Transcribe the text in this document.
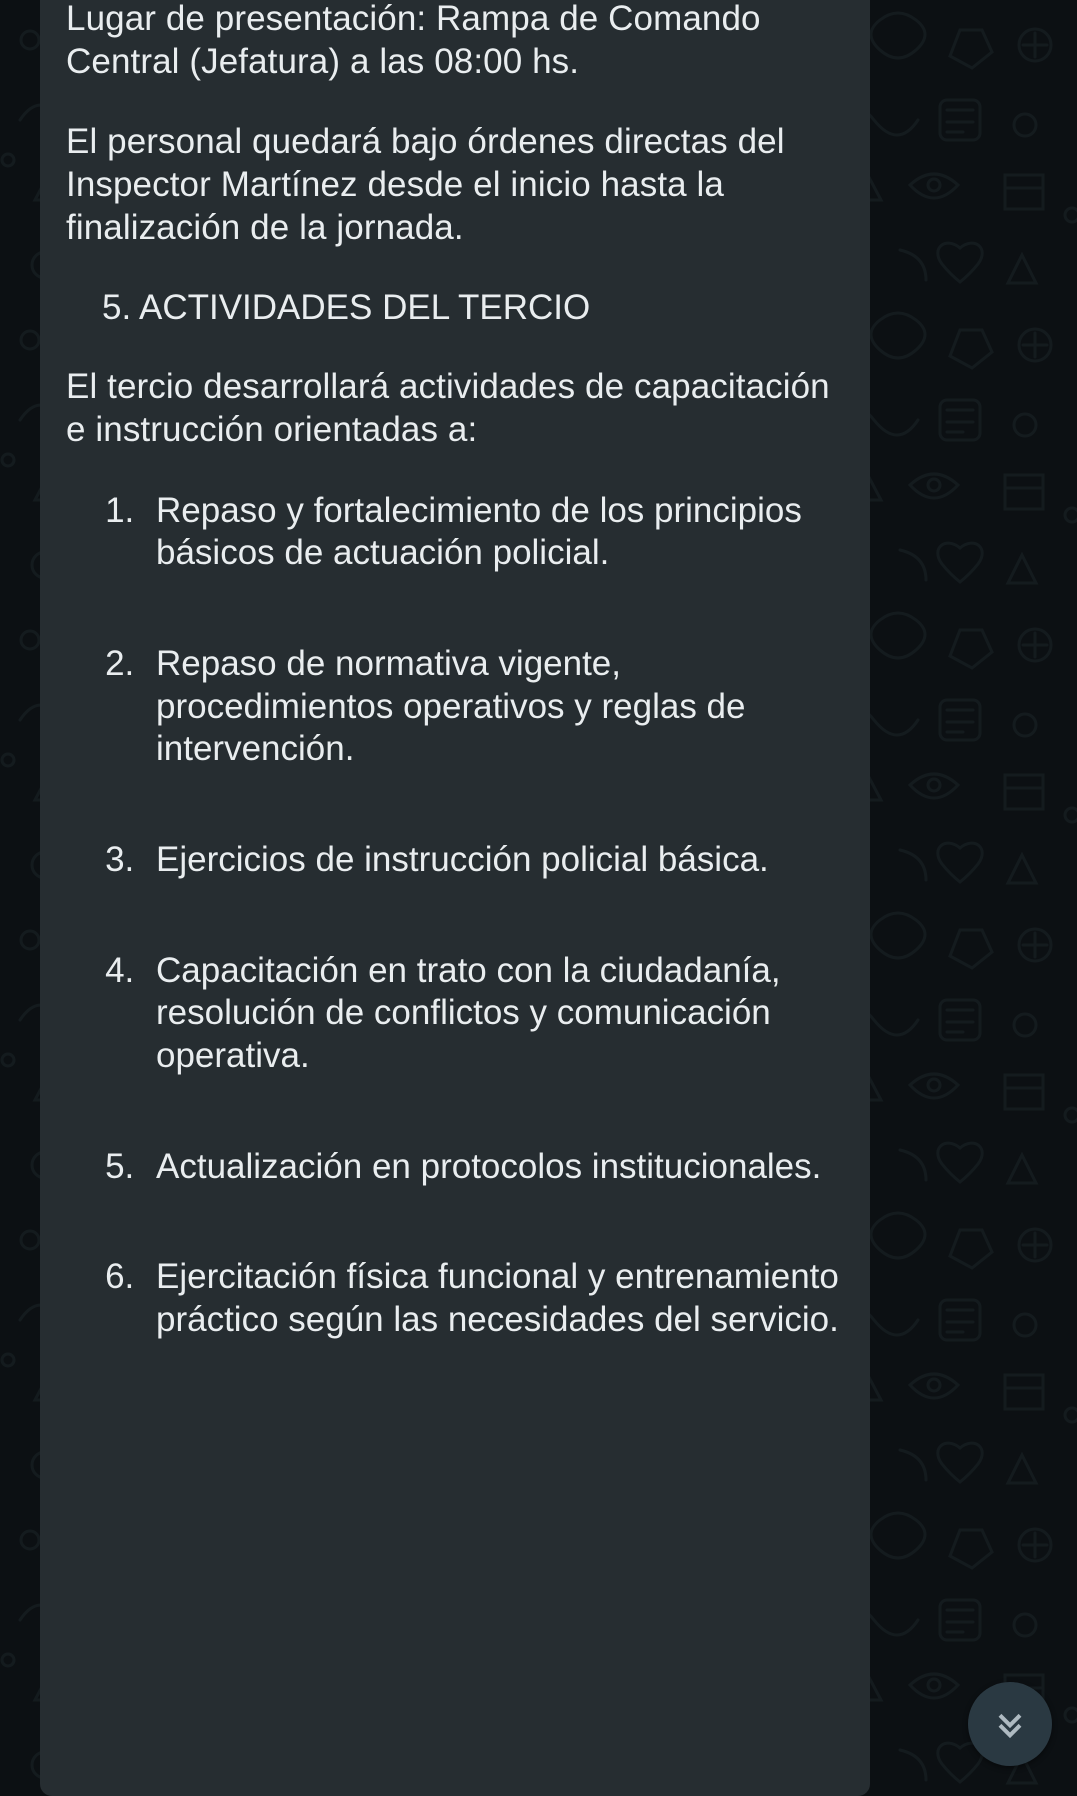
Lugar de presentación: Rampa de Comando Central (Jefatura) a las 08:00 hs.

El personal quedará bajo órdenes directas del Inspector Martínez desde el inicio hasta la finalización de la jornada.

5. ACTIVIDADES DEL TERCIO

El tercio desarrollará actividades de capacitación e instrucción orientadas a:

1. Repaso y fortalecimiento de los principios básicos de actuación policial.
2. Repaso de normativa vigente, procedimientos operativos y reglas de intervención.
3. Ejercicios de instrucción policial básica.
4. Capacitación en trato con la ciudadanía, resolución de conflictos y comunicación operativa.
5. Actualización en protocolos institucionales.
6. Ejercitación física funcional y entrenamiento práctico según las necesidades del servicio.
